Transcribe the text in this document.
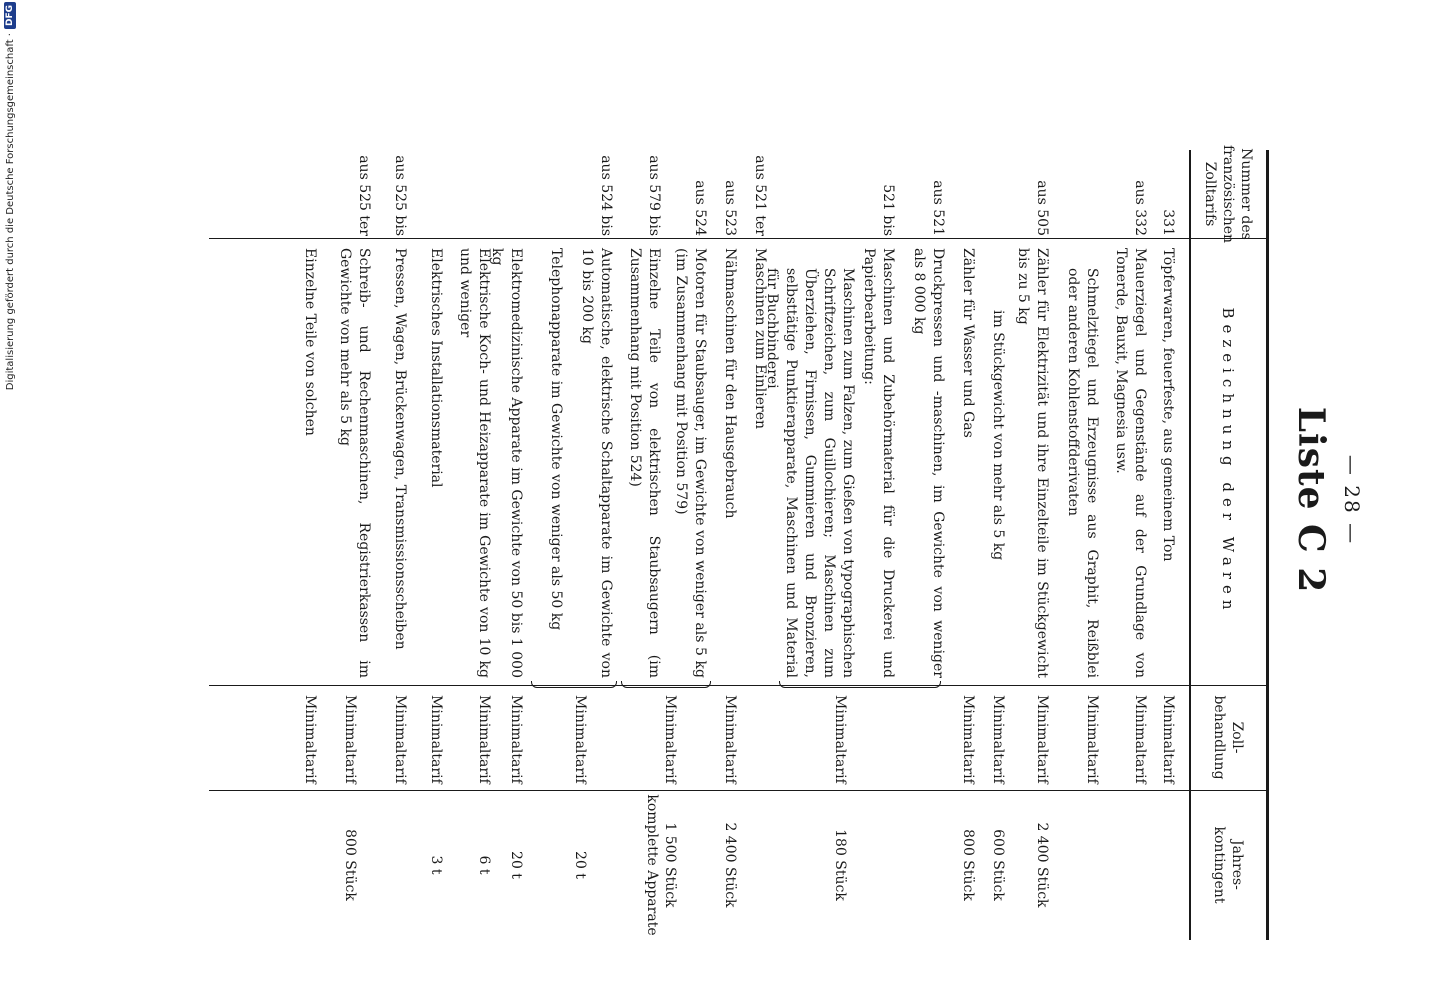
— 28 —
Liste C 2
Nummer des
französischen
Zolltarifs
Bezeichnung der Waren
Zoll-
behandlung
Jahres-
kontingent
331
Töpferwaren, feuerfeste, aus gemeinem Ton
Minimaltarif
aus 332
Mauerziegel und Gegenstände auf der Grundlage von Tonerde, Bauxit, Magnesia usw.
Minimaltarif
Schmelztiegel und Erzeugnisse aus Graphit, Reißblei oder anderen Kohlenstoffderivaten
Minimaltarif
aus 505
Zähler für Elektrizität und ihre Einzelteile im Stückgewicht bis zu 5 kg
Minimaltarif
2 400 Stück
im Stückgewicht von mehr als 5 kg
Minimaltarif
600 Stück
Zähler für Wasser und Gas
Minimaltarif
800 Stück
aus 521
Druckpressen und -maschinen, im Gewichte von weniger als 8 000 kg
521 bis
Maschinen und Zubehörmaterial für die Druckerei und Papierbearbeitung:
Minimaltarif
180 Stück
Maschinen zum Falzen, zum Gießen von typographischen Schriftzeichen, zum Guillochieren; Maschinen zum Überziehen, Firnissen, Gummieren und Bronzieren, selbsttätige Punktierapparate, Maschinen und Material für Buchbinderei
aus 521 ter
Maschinen zum Einlieren
aus 523
Nähmaschinen für den Hausgebrauch
Minimaltarif
2 400 Stück
aus 524
Motoren für Staubsauger, im Gewichte von weniger als 5 kg (im Zusammenhang mit Position 579)
Minimaltarif
1 500 Stück
komplette Apparate
aus 579 bis
Einzelne Teile von elektrischen Staubsaugern (im Zusammenhang mit Position 524)
aus 524 bis
Automatische, elektrische Schaltapparate im Gewichte von 10 bis 200 kg
Minimaltarif
20 t
Telephonapparate im Gewichte von weniger als 50 kg
Elektromedizinische Apparate im Gewichte von 50 bis 1 000 kg
Minimaltarif
20 t
Elektrische Koch- und Heizapparate im Gewichte von 10 kg und weniger
Minimaltarif
6 t
Elektrisches Installationsmaterial
Minimaltarif
3 t
aus 525 bis
Pressen, Wagen, Brückenwagen, Transmissionsscheiben
Minimaltarif
aus 525 ter
Schreib- und Rechenmaschinen, Registrierkassen im Gewichte von mehr als 5 kg
Minimaltarif
800 Stück
Einzelne Teile von solchen
Minimaltarif
Digitalisierung gefördert durch die Deutsche Forschungsgemeinschaft ·
DFG
